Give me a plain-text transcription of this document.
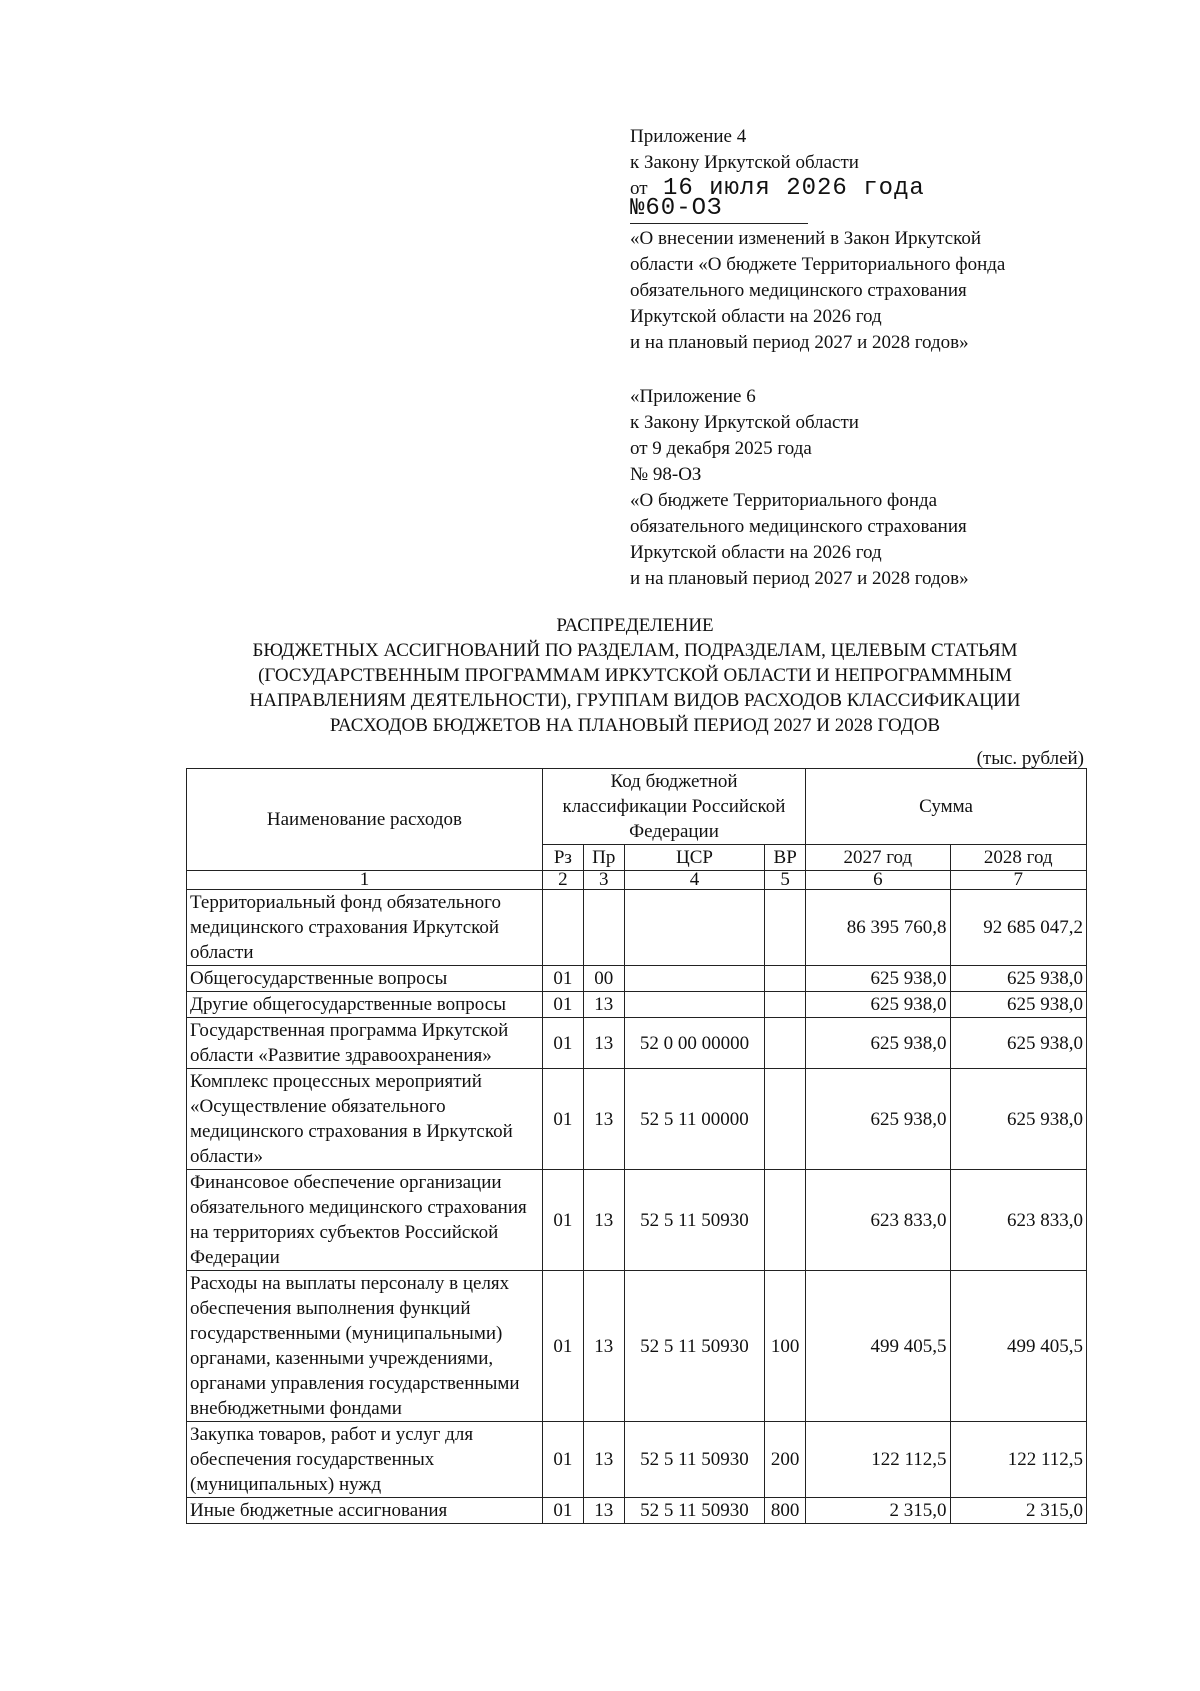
Приложение 4
к Закону Иркутской области
от 16 июля 2026 года
№60-ОЗ
«О внесении изменений в Закон Иркутской
области «О бюджете Территориального фонда
обязательного медицинского страхования
Иркутской области на 2026 год
и на плановый период 2027 и 2028 годов»
«Приложение 6
к Закону Иркутской области
от 9 декабря 2025 года
№ 98-ОЗ
«О бюджете Территориального фонда
обязательного медицинского страхования
Иркутской области на 2026 год
и на плановый период 2027 и 2028 годов»
РАСПРЕДЕЛЕНИЕ
БЮДЖЕТНЫХ АССИГНОВАНИЙ ПО РАЗДЕЛАМ, ПОДРАЗДЕЛАМ, ЦЕЛЕВЫМ СТАТЬЯМ
(ГОСУДАРСТВЕННЫМ ПРОГРАММАМ ИРКУТСКОЙ ОБЛАСТИ И НЕПРОГРАММНЫМ
НАПРАВЛЕНИЯМ ДЕЯТЕЛЬНОСТИ), ГРУППАМ ВИДОВ РАСХОДОВ КЛАССИФИКАЦИИ
РАСХОДОВ БЮДЖЕТОВ НА ПЛАНОВЫЙ ПЕРИОД 2027 И 2028 ГОДОВ
(тыс. рублей)
Наименование расходов	Код бюджетной классификации Российской Федерации				Сумма	
	Рз	Пр	ЦСР	ВР	2027 год	2028 год
1	2	3	4	5	6	7
Территориальный фонд обязательного медицинского страхования Иркутской области					86 395 760,8	92 685 047,2
Общегосударственные вопросы	01	00			625 938,0	625 938,0
Другие общегосударственные вопросы	01	13			625 938,0	625 938,0
Государственная программа Иркутской области «Развитие здравоохранения»	01	13	52 0 00 00000		625 938,0	625 938,0
Комплекс процессных мероприятий «Осуществление обязательного медицинского страхования в Иркутской области»	01	13	52 5 11 00000		625 938,0	625 938,0
Финансовое обеспечение организации обязательного медицинского страхования на территориях субъектов Российской Федерации	01	13	52 5 11 50930		623 833,0	623 833,0
Расходы на выплаты персоналу в целях обеспечения выполнения функций государственными (муниципальными) органами, казенными учреждениями, органами управления государственными внебюджетными фондами	01	13	52 5 11 50930	100	499 405,5	499 405,5
Закупка товаров, работ и услуг для обеспечения государственных (муниципальных) нужд	01	13	52 5 11 50930	200	122 112,5	122 112,5
Иные бюджетные ассигнования	01	13	52 5 11 50930	800	2 315,0	2 315,0
